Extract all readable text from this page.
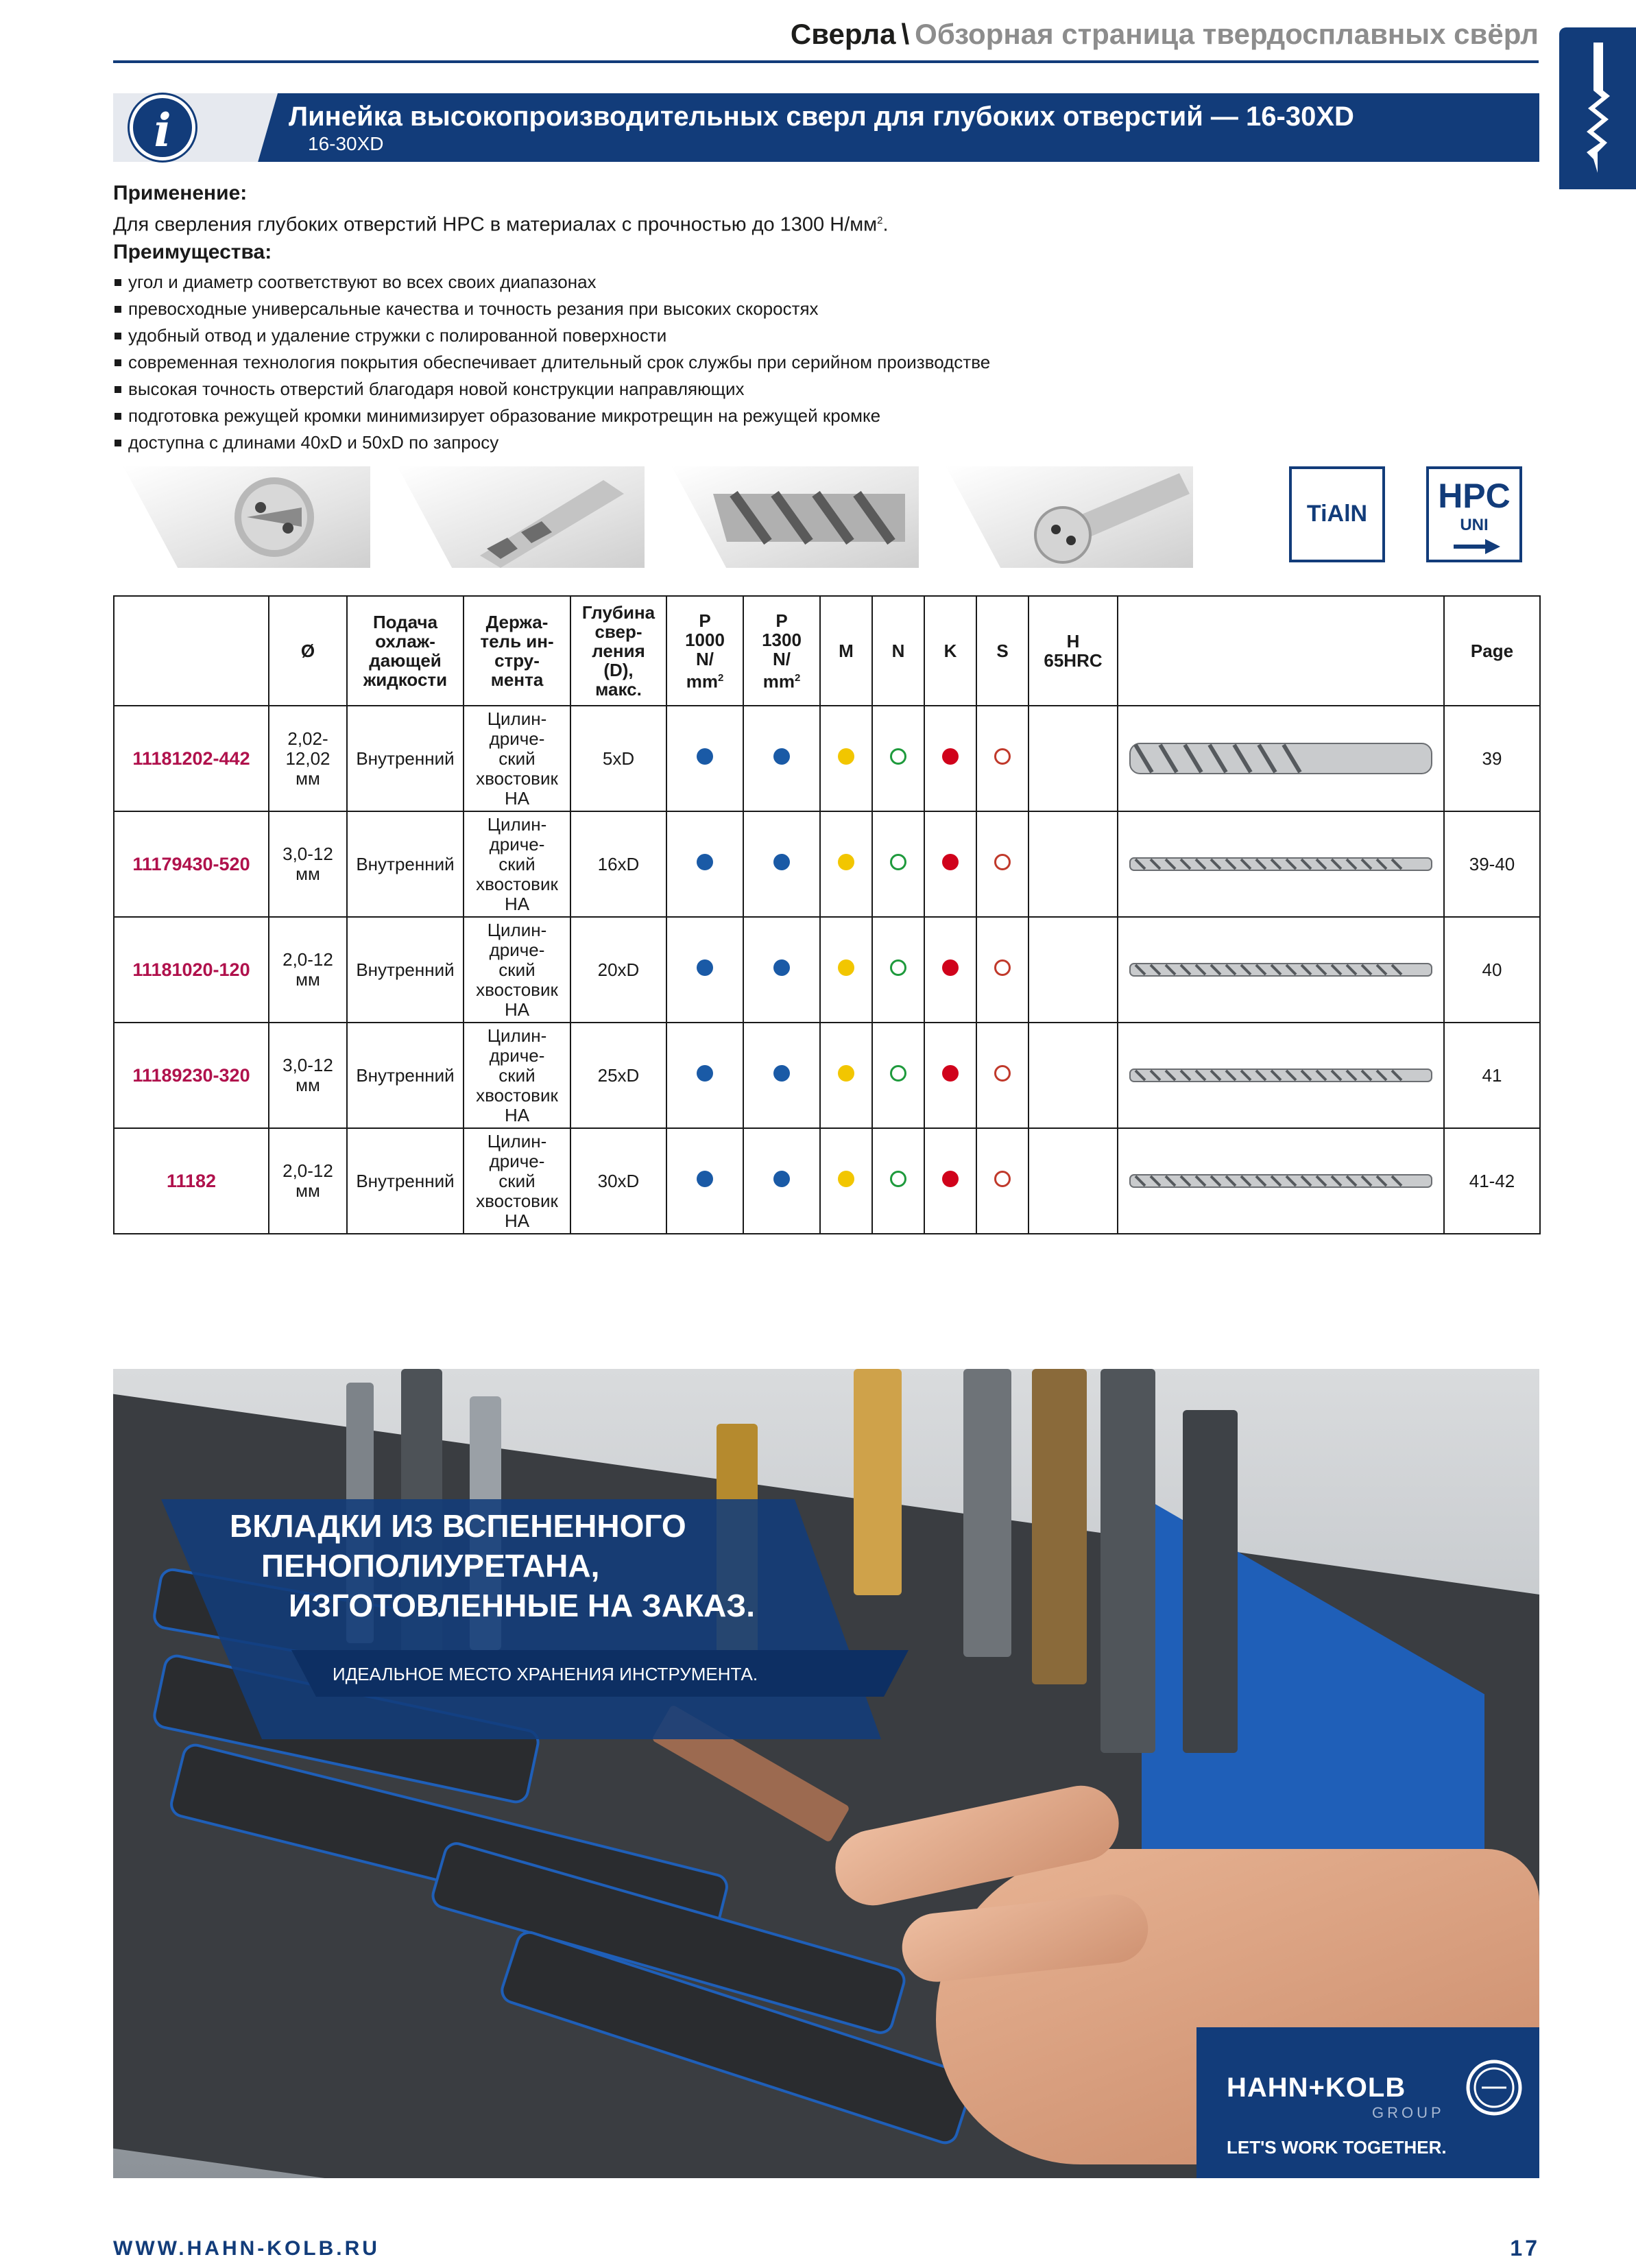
Сверла \ Обзорная страница твердосплавных свёрл
i	Линейка высокопроизводительных сверл для глубоких отверстий — 16-30XD
16-30XD
Применение:
Для сверления глубоких отверстий HPC в материалах с прочностью до 1300 $Н/мм^2$.
Преимущества:
угол и диаметр соответствуют во всех своих диапазонах
превосходные универсальные качества и точность резания при высоких скоростях
удобный отвод и удаление стружки с полированной поверхности
современная технология покрытия обеспечивает длительный срок службы при серийном производстве
высокая точность отверстий благодаря новой конструкции направляющих
подготовка режущей кромки минимизирует образование микротрещин на режущей кромке
доступна с длинами 40xD и 50xD по запросу
TiAlN	HPC
UNI
	Ø	Подача
охлаж-
дающей
жидкости	Держа-
тель ин-
стру-
мента	Глубина
свер-
ления
(D),
макс.	P
1000
N/
$mm^2$	P
1300
N/
$mm^2$	M	N	K	S	H
65HRC		Page
11181202-442	2,02-
12,02
мм	Внутренний	Цилин-
дриче-
ский
хвостовик
HA	5xD									39
11179430-520	3,0-12
мм	Внутренний	Цилин-
дриче-
ский
хвостовик
HA	16xD									39-40
11181020-120	2,0-12
мм	Внутренний	Цилин-
дриче-
ский
хвостовик
HA	20xD									40
11189230-320	3,0-12
мм	Внутренний	Цилин-
дриче-
ский
хвостовик
HA	25xD									41
11182	2,0-12
мм	Внутренний	Цилин-
дриче-
ский
хвостовик
HA	30xD									41-42
ВКЛАДКИ ИЗ ВСПЕНЕННОГО
ПЕНОПОЛИУРЕТАНА,
ИЗГОТОВЛЕННЫЕ НА ЗАКАЗ.
ИДЕАЛЬНОЕ МЕСТО ХРАНЕНИЯ ИНСТРУМЕНТА.
HAHN+KOLB
GROUP
LET'S WORK TOGETHER.
WWW.HAHN-KOLB.RU	17
